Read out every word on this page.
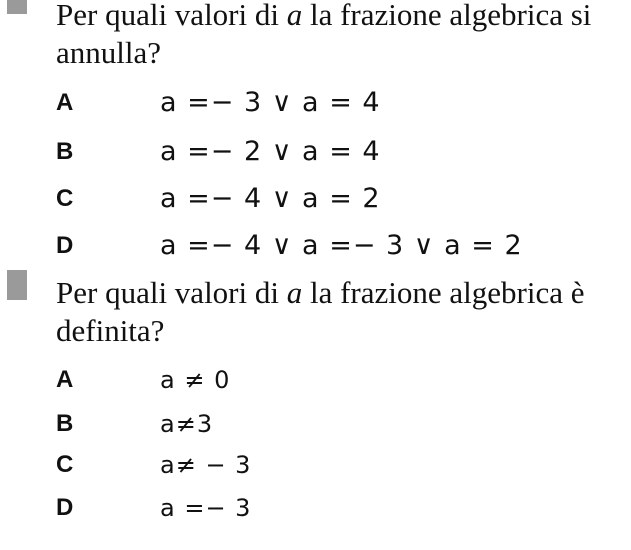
Per quali valori di a la frazione algebrica si annulla?
A	a =− 3 ∨ a = 4
B	a =− 2 ∨ a = 4
C	a =− 4 ∨ a = 2
D	a =− 4 ∨ a =− 3 ∨ a = 2
Per quali valori di a la frazione algebrica è definita?
A	a ≠ 0
B	a≠3
C	a≠ − 3
D	a =− 3
